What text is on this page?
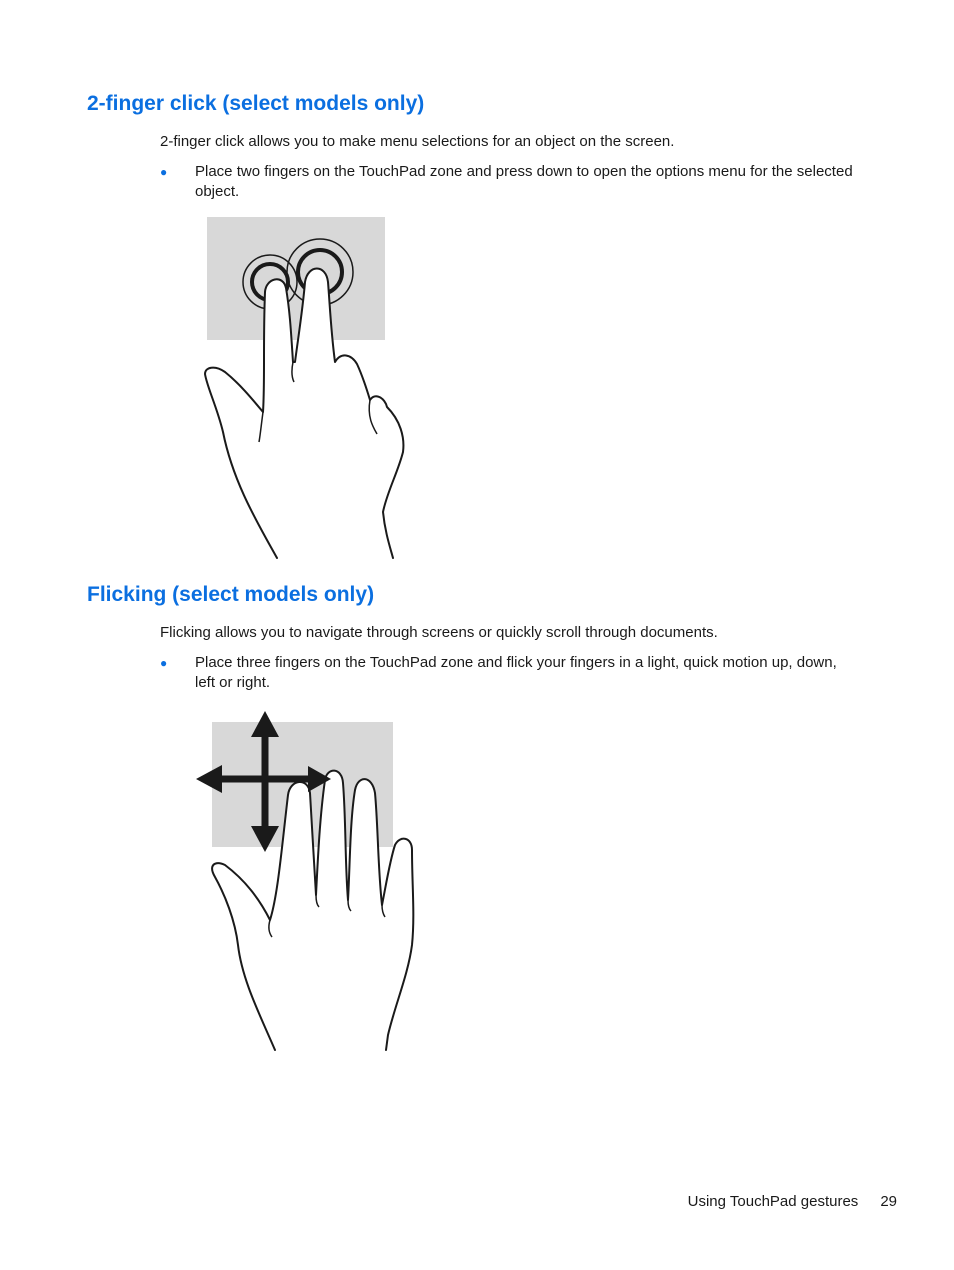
2-finger click (select models only)

2-finger click allows you to make menu selections for an object on the screen.

● Place two fingers on the TouchPad zone and press down to open the options menu for the selected object.
Flicking (select models only)

Flicking allows you to navigate through screens or quickly scroll through documents.

● Place three fingers on the TouchPad zone and flick your fingers in a light, quick motion up, down, left or right.
Using TouchPad gestures 29
